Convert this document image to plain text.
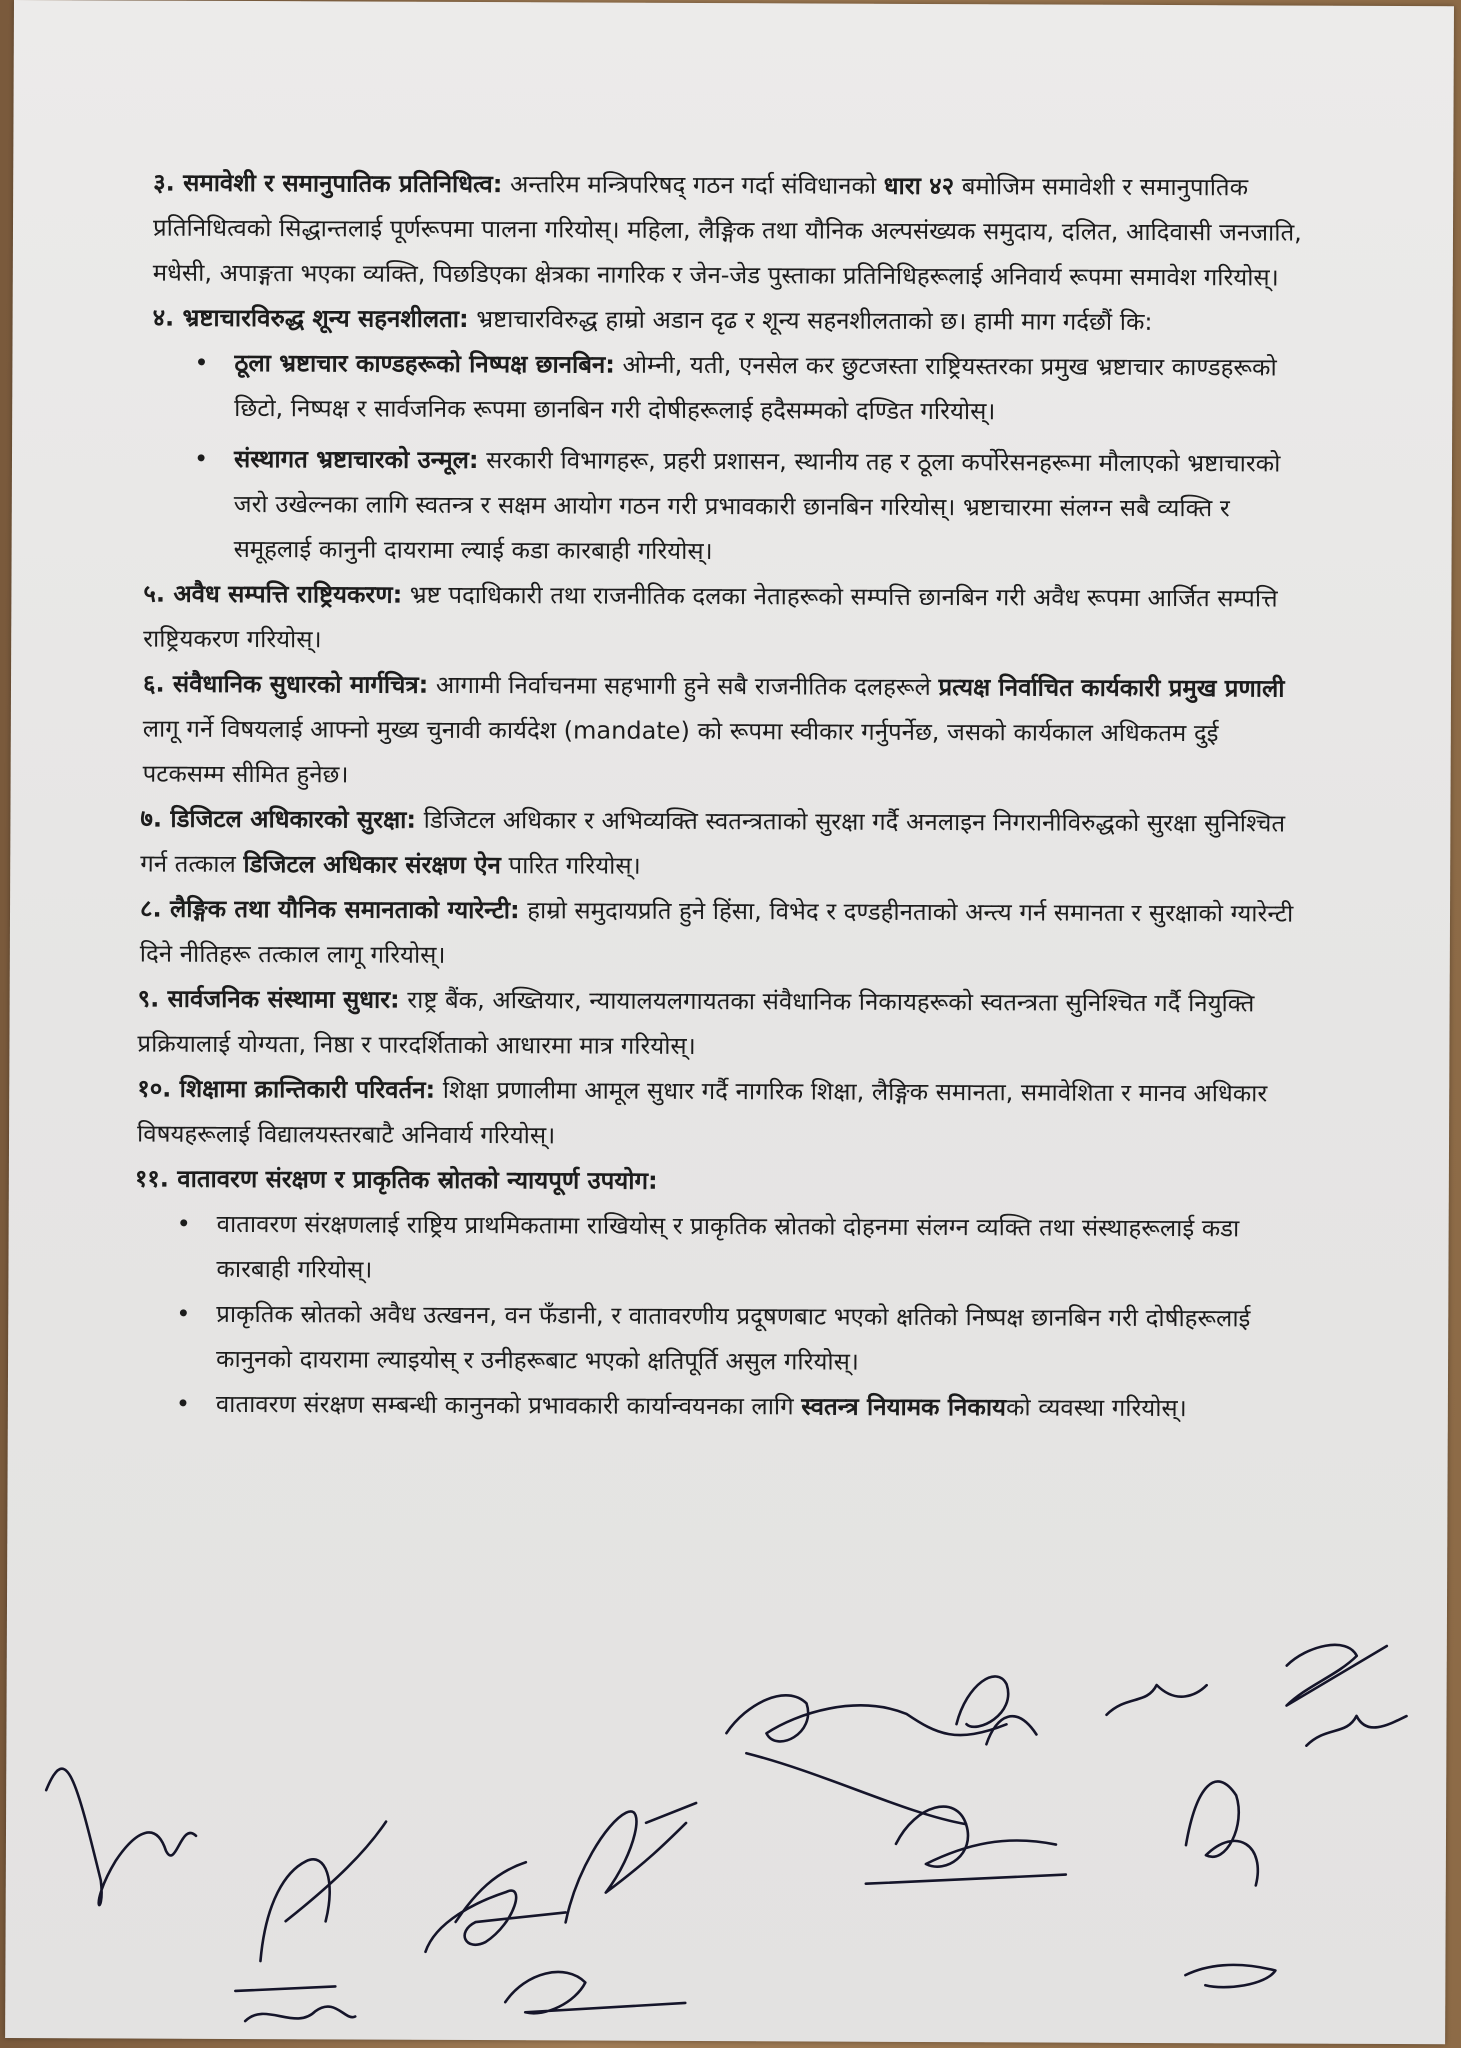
३. समावेशी र समानुपातिक प्रतिनिधित्व: अन्तरिम मन्त्रिपरिषद् गठन गर्दा संविधानको धारा ४२ बमोजिम समावेशी र समानुपातिक प्रतिनिधित्वको सिद्धान्तलाई पूर्णरूपमा पालना गरियोस्। महिला, लैङ्गिक तथा यौनिक अल्पसंख्यक समुदाय, दलित, आदिवासी जनजाति, मधेसी, अपाङ्गता भएका व्यक्ति, पिछडिएका क्षेत्रका नागरिक र जेन-जेड पुस्ताका प्रतिनिधिहरूलाई अनिवार्य रूपमा समावेश गरियोस्।

४. भ्रष्टाचारविरुद्ध शून्य सहनशीलता: भ्रष्टाचारविरुद्ध हाम्रो अडान दृढ र शून्य सहनशीलताको छ। हामी माग गर्दछौं कि:

• ठूला भ्रष्टाचार काण्डहरूको निष्पक्ष छानबिन: ओम्नी, यती, एनसेल कर छुटजस्ता राष्ट्रियस्तरका प्रमुख भ्रष्टाचार काण्डहरूको छिटो, निष्पक्ष र सार्वजनिक रूपमा छानबिन गरी दोषीहरूलाई हदैसम्मको दण्डित गरियोस्।
• संस्थागत भ्रष्टाचारको उन्मूल: सरकारी विभागहरू, प्रहरी प्रशासन, स्थानीय तह र ठूला कर्पोरेसनहरूमा मौलाएको भ्रष्टाचारको जरो उखेल्नका लागि स्वतन्त्र र सक्षम आयोग गठन गरी प्रभावकारी छानबिन गरियोस्। भ्रष्टाचारमा संलग्न सबै व्यक्ति र समूहलाई कानुनी दायरामा ल्याई कडा कारबाही गरियोस्।

५. अवैध सम्पत्ति राष्ट्रियकरण: भ्रष्ट पदाधिकारी तथा राजनीतिक दलका नेताहरूको सम्पत्ति छानबिन गरी अवैध रूपमा आर्जित सम्पत्ति राष्ट्रियकरण गरियोस्।

६. संवैधानिक सुधारको मार्गचित्र: आगामी निर्वाचनमा सहभागी हुने सबै राजनीतिक दलहरूले प्रत्यक्ष निर्वाचित कार्यकारी प्रमुख प्रणाली लागू गर्ने विषयलाई आफ्नो मुख्य चुनावी कार्यदेश (mandate) को रूपमा स्वीकार गर्नुपर्नेछ, जसको कार्यकाल अधिकतम दुई पटकसम्म सीमित हुनेछ।

७. डिजिटल अधिकारको सुरक्षा: डिजिटल अधिकार र अभिव्यक्ति स्वतन्त्रताको सुरक्षा गर्दै अनलाइन निगरानीविरुद्धको सुरक्षा सुनिश्चित गर्न तत्काल डिजिटल अधिकार संरक्षण ऐन पारित गरियोस्।

८. लैङ्गिक तथा यौनिक समानताको ग्यारेन्टी: हाम्रो समुदायप्रति हुने हिंसा, विभेद र दण्डहीनताको अन्त्य गर्न समानता र सुरक्षाको ग्यारेन्टी दिने नीतिहरू तत्काल लागू गरियोस्।

९. सार्वजनिक संस्थामा सुधार: राष्ट्र बैंक, अख्तियार, न्यायालयलगायतका संवैधानिक निकायहरूको स्वतन्त्रता सुनिश्चित गर्दै नियुक्ति प्रक्रियालाई योग्यता, निष्ठा र पारदर्शिताको आधारमा मात्र गरियोस्।

१०. शिक्षामा क्रान्तिकारी परिवर्तन: शिक्षा प्रणालीमा आमूल सुधार गर्दै नागरिक शिक्षा, लैङ्गिक समानता, समावेशिता र मानव अधिकार विषयहरूलाई विद्यालयस्तरबाटै अनिवार्य गरियोस्।

११. वातावरण संरक्षण र प्राकृतिक स्रोतको न्यायपूर्ण उपयोग:

• वातावरण संरक्षणलाई राष्ट्रिय प्राथमिकतामा राखियोस् र प्राकृतिक स्रोतको दोहनमा संलग्न व्यक्ति तथा संस्थाहरूलाई कडा कारबाही गरियोस्।
• प्राकृतिक स्रोतको अवैध उत्खनन, वन फँडानी, र वातावरणीय प्रदूषणबाट भएको क्षतिको निष्पक्ष छानबिन गरी दोषीहरूलाई कानुनको दायरामा ल्याइयोस् र उनीहरूबाट भएको क्षतिपूर्ति असुल गरियोस्।
• वातावरण संरक्षण सम्बन्धी कानुनको प्रभावकारी कार्यान्वयनका लागि स्वतन्त्र नियामक निकायको व्यवस्था गरियोस्।
